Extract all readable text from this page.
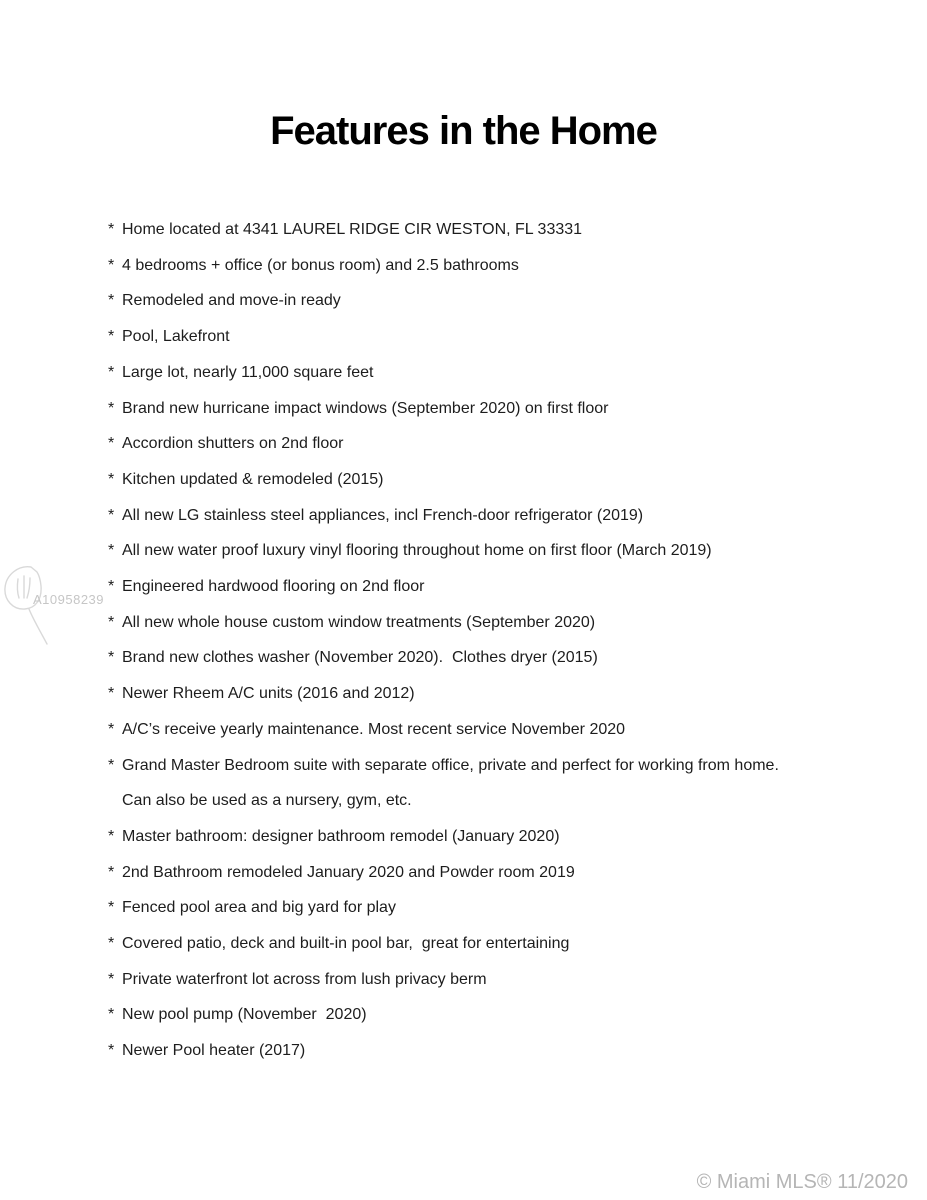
Features in the Home
* Home located at 4341 LAUREL RIDGE CIR WESTON, FL 33331
* 4 bedrooms + office (or bonus room) and 2.5 bathrooms
* Remodeled and move-in ready
* Pool, Lakefront
* Large lot, nearly 11,000 square feet
* Brand new hurricane impact windows (September 2020) on first floor
* Accordion shutters on 2nd floor
* Kitchen updated & remodeled (2015)
* All new LG stainless steel appliances, incl French-door refrigerator (2019)
* All new water proof luxury vinyl flooring throughout home on first floor (March 2019)
* Engineered hardwood flooring on 2nd floor
* All new whole house custom window treatments (September 2020)
* Brand new clothes washer (November 2020).  Clothes dryer (2015)
* Newer Rheem A/C units (2016 and 2012)
* A/C’s receive yearly maintenance. Most recent service November 2020
* Grand Master Bedroom suite with separate office, private and perfect for working from home.
Can also be used as a nursery, gym, etc.
* Master bathroom: designer bathroom remodel (January 2020)
* 2nd Bathroom remodeled January 2020 and Powder room 2019
* Fenced pool area and big yard for play
* Covered patio, deck and built-in pool bar,  great for entertaining
* Private waterfront lot across from lush privacy berm
* New pool pump (November  2020)
* Newer Pool heater (2017)
A10958239
© Miami MLS® 11/2020
